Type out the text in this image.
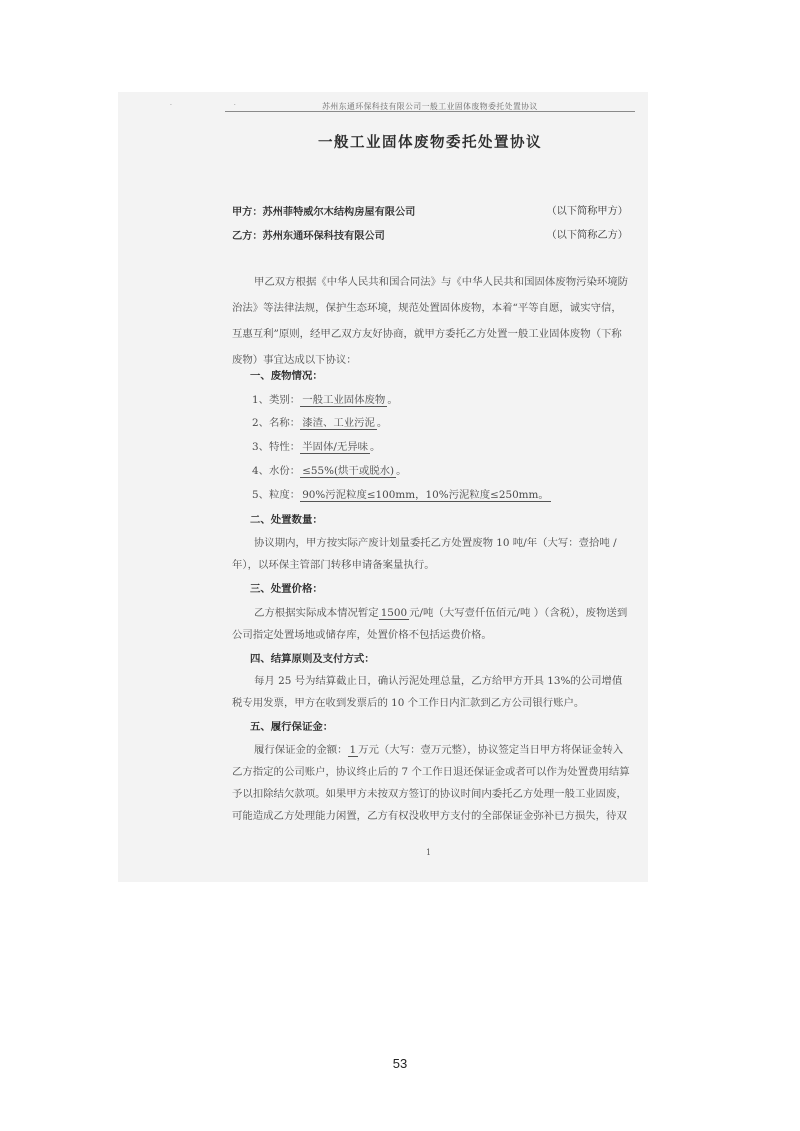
· ·	苏州东通环保科技有限公司一般工业固体废物委托处置协议
一般工业固体废物委托处置协议
甲方：苏州菲特威尔木结构房屋有限公司	（以下简称甲方）
乙方：苏州东通环保科技有限公司	（以下简称乙方）
甲乙双方根据《中华人民共和国合同法》与《中华人民共和国固体废物污染环境防治法》等法律法规，保护生态环境，规范处置固体废物，本着“平等自愿，诚实守信，互惠互利”原则，经甲乙双方友好协商，就甲方委托乙方处置一般工业固体废物（下称废物）事宜达成以下协议：
一、废物情况：
1、类别： 一般工业固体废物 。
2、名称： 漆渣、工业污泥 。
3、特性： 半固体/无异味 。
4、水份： ≤55%(烘干或脱水) 。
5、粒度： 90%污泥粒度≤100mm，10%污泥粒度≤250mm。
二、处置数量：
协议期内，甲方按实际产废计划量委托乙方处置废物 10 吨/年（大写：壹拾吨 /年），以环保主管部门转移申请备案量执行。
三、处置价格：
乙方根据实际成本情况暂定 1500 元/吨（大写壹仟伍佰元/吨 ）（含税），废物送到公司指定处置场地或储存库，处置价格不包括运费价格。
四、结算原则及支付方式：
每月 25 号为结算截止日，确认污泥处理总量，乙方给甲方开具 13%的公司增值税专用发票，甲方在收到发票后的 10 个工作日内汇款到乙方公司银行账户。
五、履行保证金：
履行保证金的金额： 1 万元（大写：壹万元整），协议签定当日甲方将保证金转入乙方指定的公司账户，协议终止后的 7 个工作日退还保证金或者可以作为处置费用结算予以扣除结欠款项。如果甲方未按双方签订的协议时间内委托乙方处理一般工业固废，可能造成乙方处理能力闲置，乙方有权没收甲方支付的全部保证金弥补已方损失，待双
1
53
